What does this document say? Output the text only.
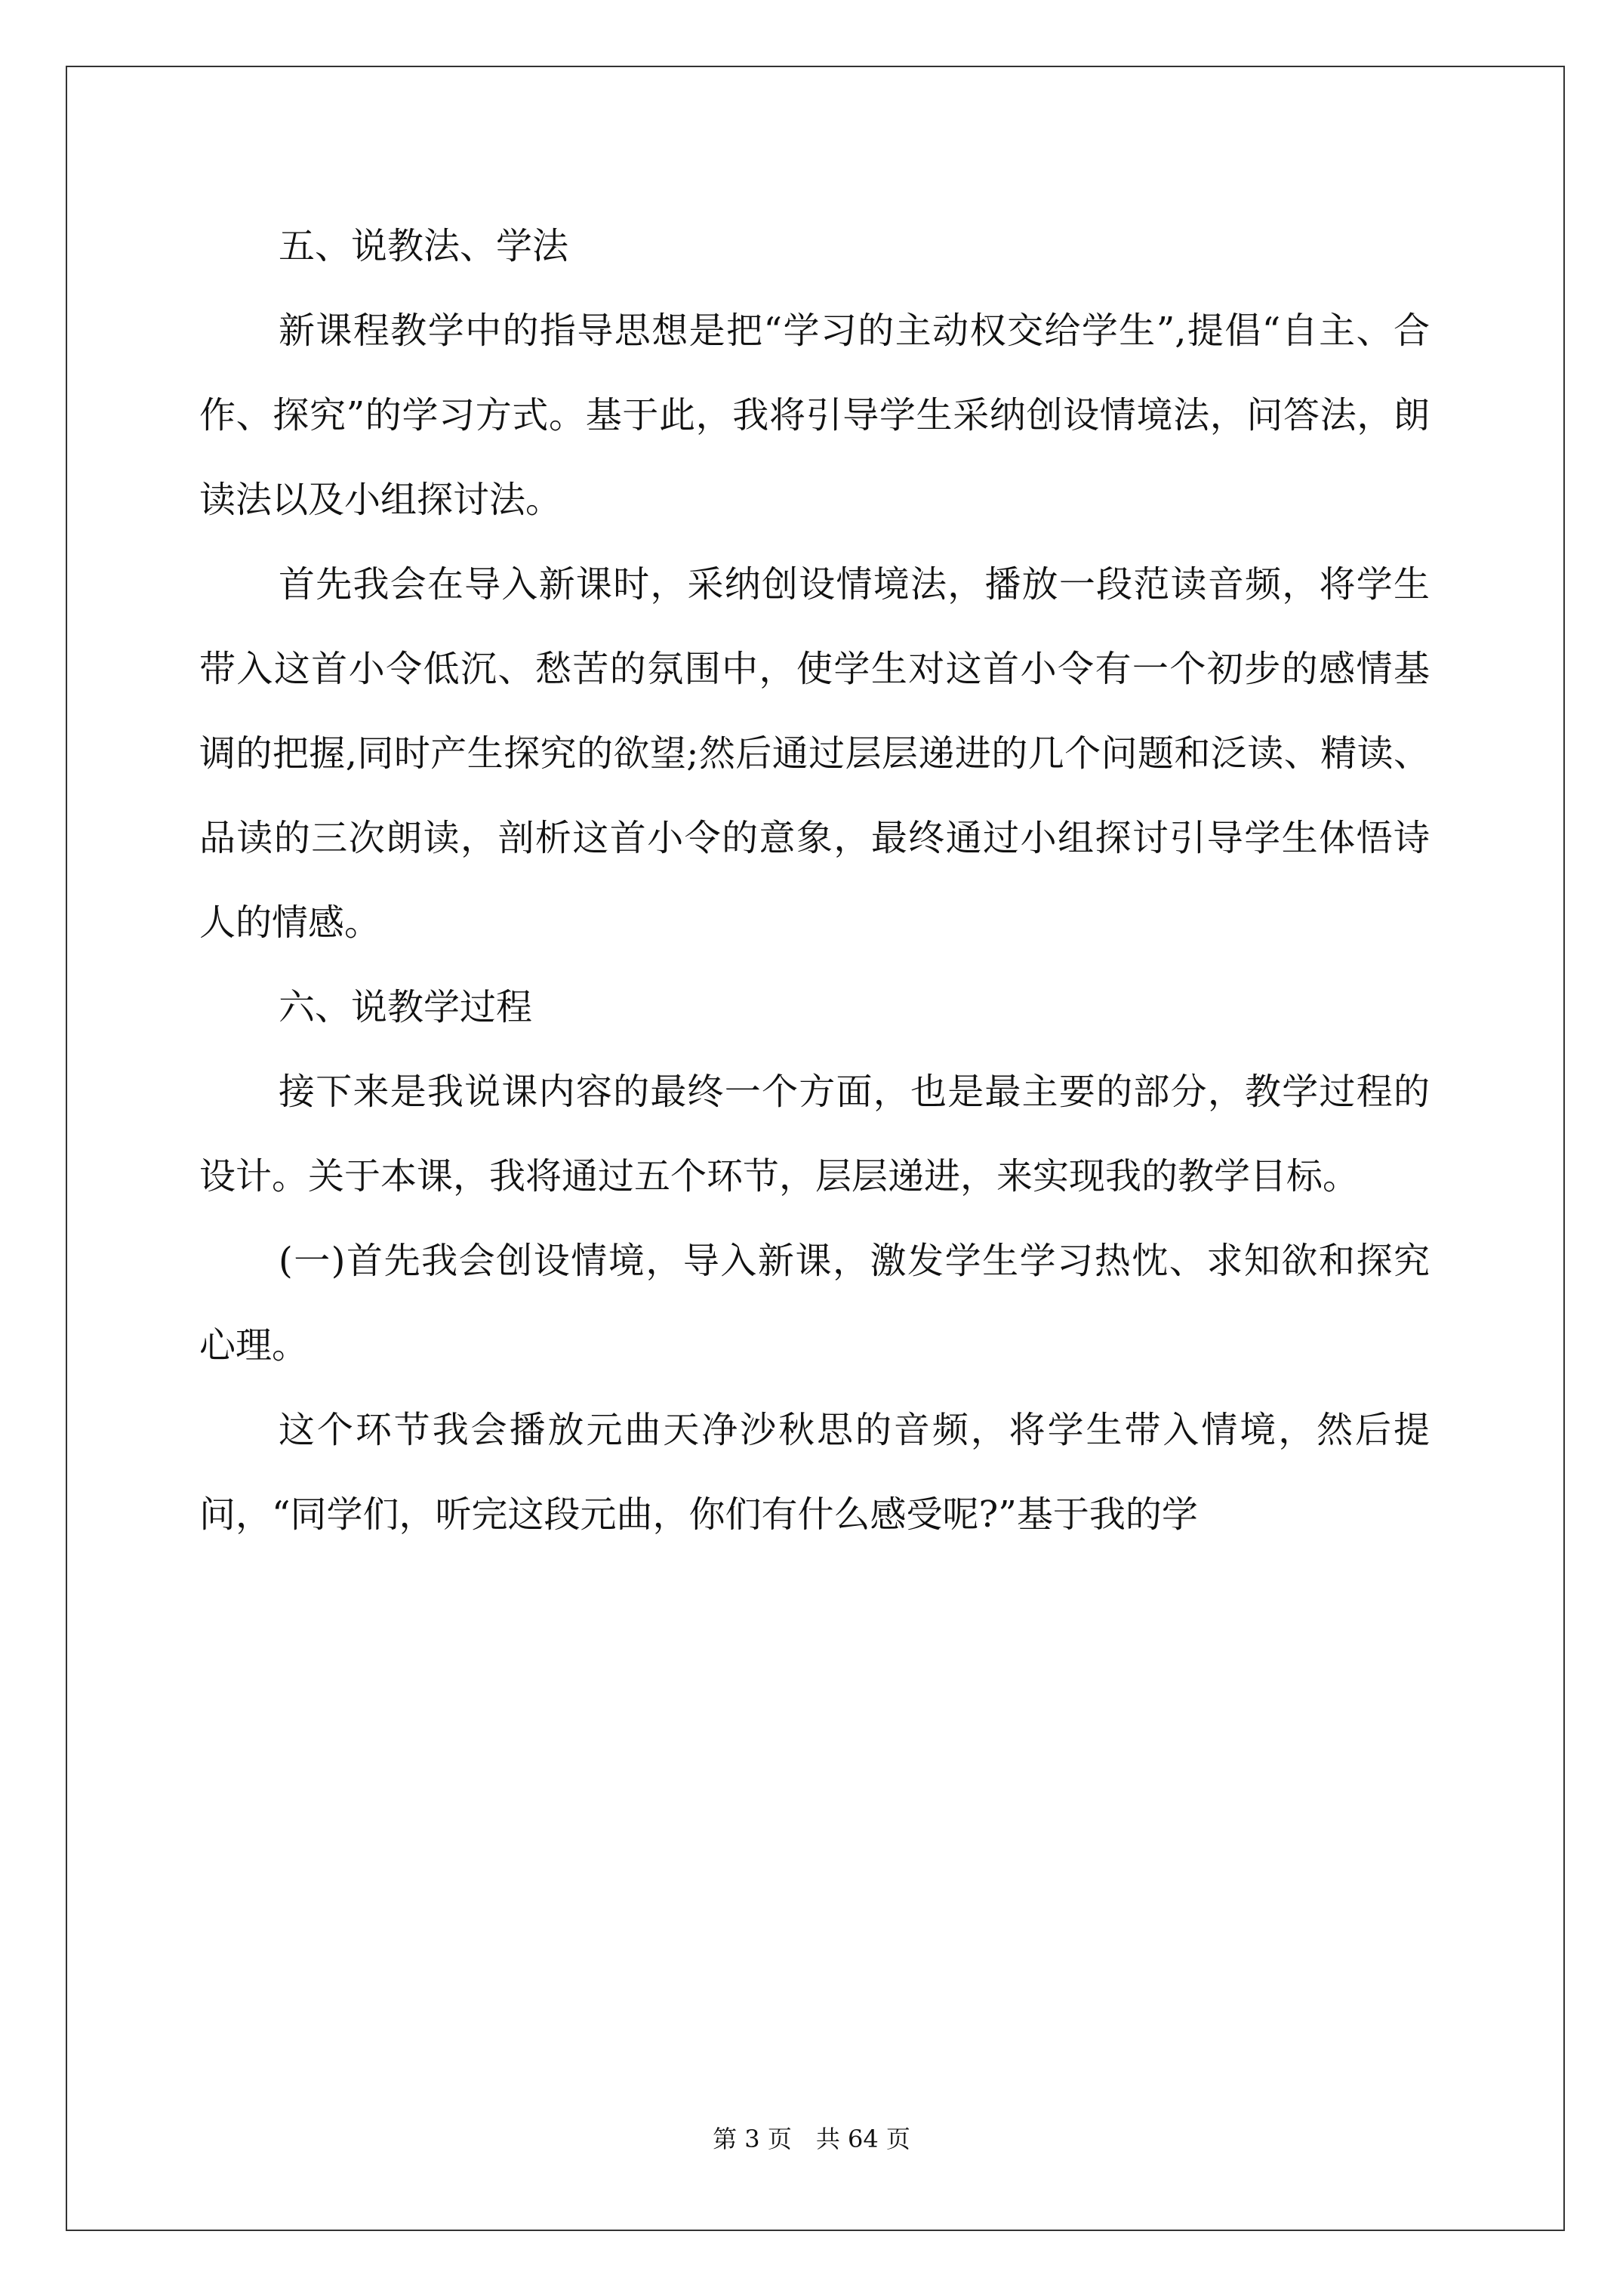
五、说教法、学法

新课程教学中的指导思想是把“学习的主动权交给学生”,提倡“自主、合作、探究”的学习方式。基于此，我将引导学生采纳创设情境法，问答法，朗读法以及小组探讨法。

首先我会在导入新课时，采纳创设情境法，播放一段范读音频，将学生带入这首小令低沉、愁苦的氛围中，使学生对这首小令有一个初步的感情基调的把握,同时产生探究的欲望;然后通过层层递进的几个问题和泛读、精读、品读的三次朗读，剖析这首小令的意象，最终通过小组探讨引导学生体悟诗人的情感。

六、说教学过程

接下来是我说课内容的最终一个方面，也是最主要的部分，教学过程的设计。关于本课，我将通过五个环节，层层递进，来实现我的教学目标。

(一)首先我会创设情境，导入新课，激发学生学习热忱、求知欲和探究心理。

这个环节我会播放元曲天净沙秋思的音频，将学生带入情境，然后提问，“同学们，听完这段元曲，你们有什么感受呢?”基于我的学

第 3 页　共 64 页
